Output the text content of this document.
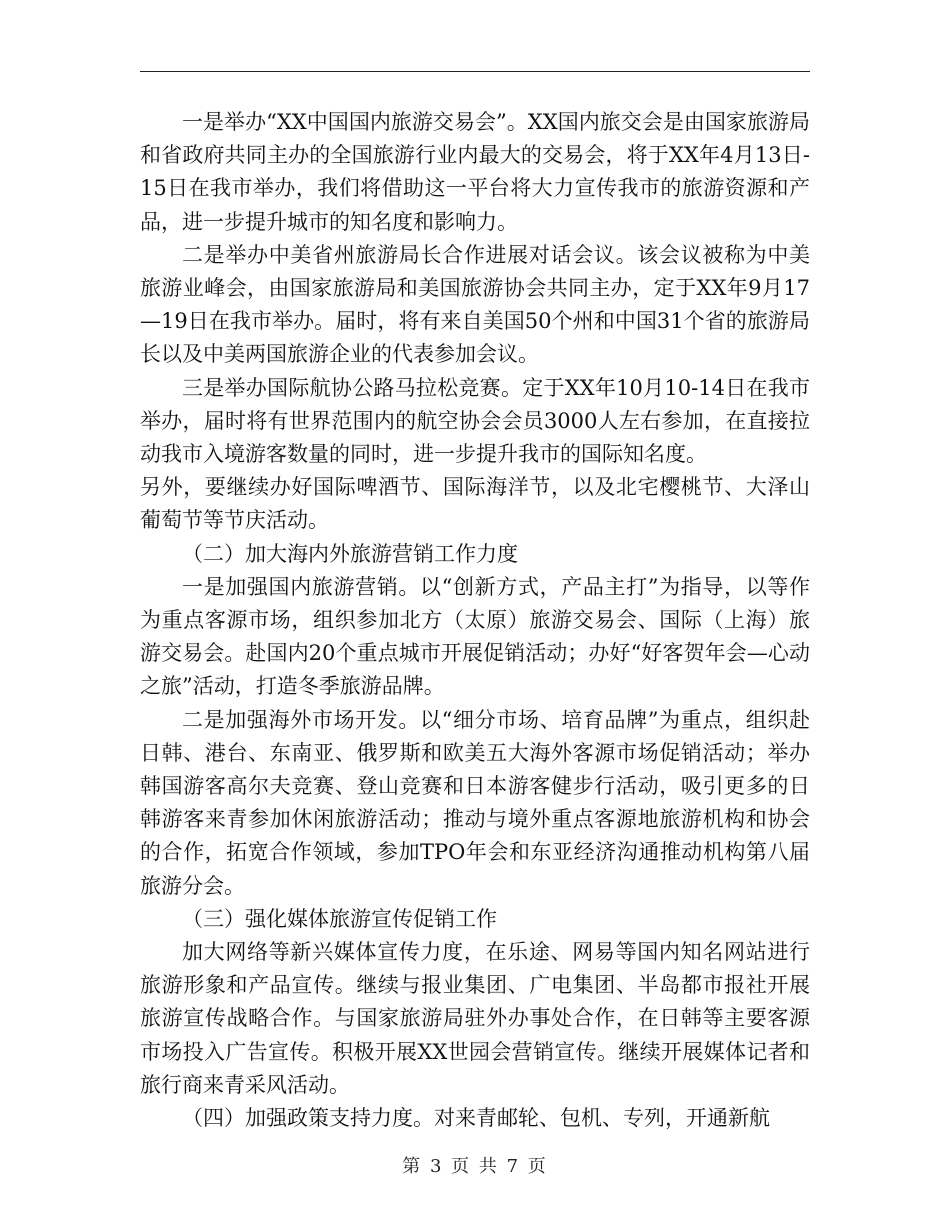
一是举办“XX中国国内旅游交易会”。XX国内旅交会是由国家旅游局和省政府共同主办的全国旅游行业内最大的交易会，将于XX年4月13日-15日在我市举办，我们将借助这一平台将大力宣传我市的旅游资源和产品，进一步提升城市的知名度和影响力。

二是举办中美省州旅游局长合作进展对话会议。该会议被称为中美旅游业峰会，由国家旅游局和美国旅游协会共同主办，定于XX年9月17—19日在我市举办。届时，将有来自美国50个州和中国31个省的旅游局长以及中美两国旅游企业的代表参加会议。

三是举办国际航协公路马拉松竞赛。定于XX年10月10-14日在我市举办，届时将有世界范围内的航空协会会员3000人左右参加，在直接拉动我市入境游客数量的同时，进一步提升我市的国际知名度。

另外，要继续办好国际啤酒节、国际海洋节，以及北宅樱桃节、大泽山葡萄节等节庆活动。

（二）加大海内外旅游营销工作力度

一是加强国内旅游营销。以“创新方式，产品主打”为指导，以等作为重点客源市场，组织参加北方（太原）旅游交易会、国际（上海）旅游交易会。赴国内20个重点城市开展促销活动；办好“好客贺年会—心动之旅”活动，打造冬季旅游品牌。

二是加强海外市场开发。以“细分市场、培育品牌”为重点，组织赴日韩、港台、东南亚、俄罗斯和欧美五大海外客源市场促销活动；举办韩国游客高尔夫竞赛、登山竞赛和日本游客健步行活动，吸引更多的日韩游客来青参加休闲旅游活动；推动与境外重点客源地旅游机构和协会的合作，拓宽合作领域，参加TPO年会和东亚经济沟通推动机构第八届旅游分会。

（三）强化媒体旅游宣传促销工作

加大网络等新兴媒体宣传力度，在乐途、网易等国内知名网站进行旅游形象和产品宣传。继续与报业集团、广电集团、半岛都市报社开展旅游宣传战略合作。与国家旅游局驻外办事处合作，在日韩等主要客源市场投入广告宣传。积极开展XX世园会营销宣传。继续开展媒体记者和旅行商来青采风活动。

（四）加强政策支持力度。对来青邮轮、包机、专列，开通新航

第 3 页 共 7 页
